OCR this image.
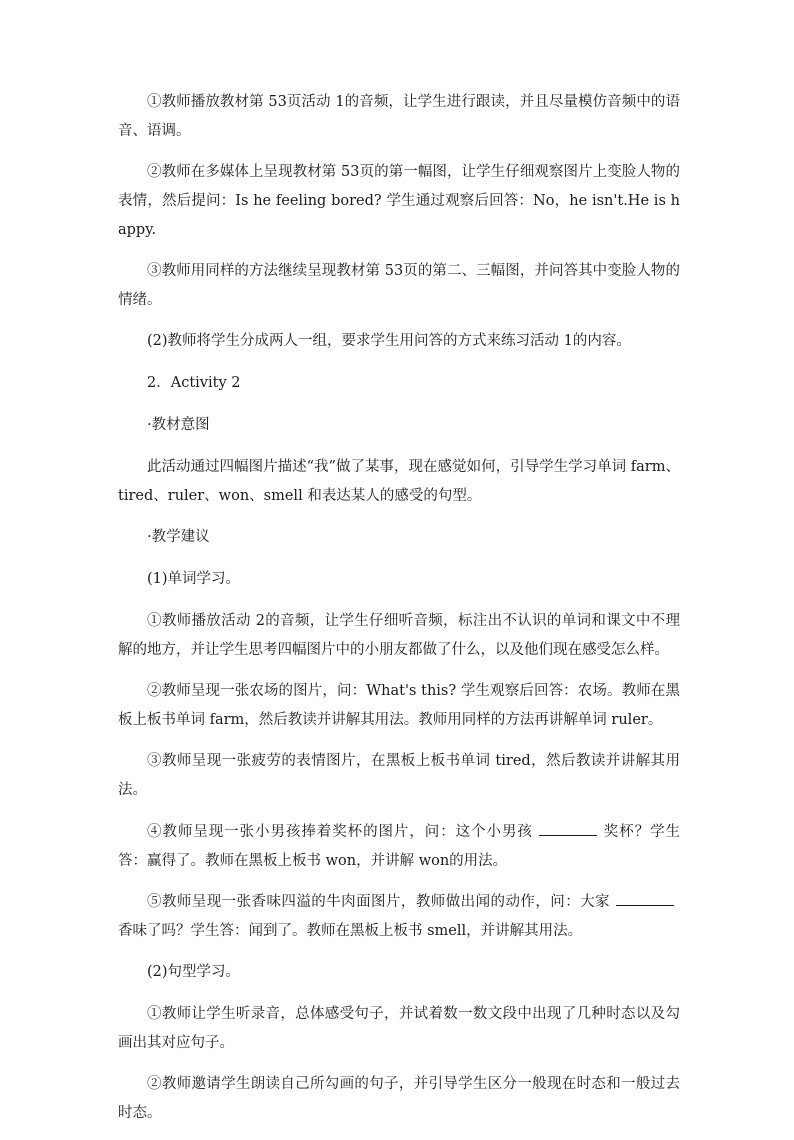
①教师播放教材第 53页活动 1的音频，让学生进行跟读，并且尽量模仿音频中的语音、语调。

②教师在多媒体上呈现教材第 53页的第一幅图，让学生仔细观察图片上变脸人物的表情，然后提问：Is he feeling bored? 学生通过观察后回答：No，he isn't.He is happy.

③教师用同样的方法继续呈现教材第 53页的第二、三幅图，并问答其中变脸人物的情绪。

(2)教师将学生分成两人一组，要求学生用问答的方式来练习活动 1的内容。

2．Activity 2

·教材意图

此活动通过四幅图片描述“我”做了某事，现在感觉如何，引导学生学习单词 farm、tired、ruler、won、smell 和表达某人的感受的句型。

·教学建议

(1)单词学习。

①教师播放活动 2的音频，让学生仔细听音频，标注出不认识的单词和课文中不理解的地方，并让学生思考四幅图片中的小朋友都做了什么，以及他们现在感受怎么样。

②教师呈现一张农场的图片，问：What's this? 学生观察后回答：农场。教师在黑板上板书单词 farm，然后教读并讲解其用法。教师用同样的方法再讲解单词 ruler。

③教师呈现一张疲劳的表情图片，在黑板上板书单词 tired，然后教读并讲解其用法。

④教师呈现一张小男孩捧着奖杯的图片，问：这个小男孩	奖杯？学生答：赢得了。教师在黑板上板书 won，并讲解 won的用法。

⑤教师呈现一张香味四溢的牛肉面图片，教师做出闻的动作，问：大家香味了吗？学生答：闻到了。教师在黑板上板书 smell，并讲解其用法。

(2)句型学习。

①教师让学生听录音，总体感受句子，并试着数一数文段中出现了几种时态以及勾画出其对应句子。

②教师邀请学生朗读自己所勾画的句子，并引导学生区分一般现在时态和一般过去时态。
